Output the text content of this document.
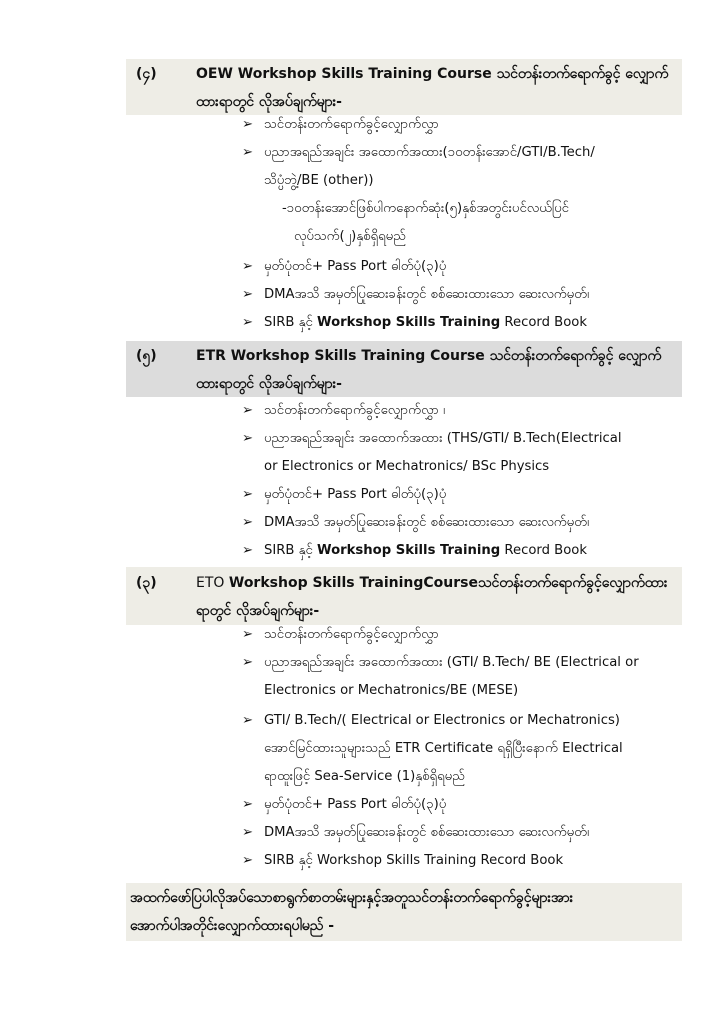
(၄)	OEW Workshop Skills Training Course သင်တန်းတက်ရောက်ခွင့် လျှောက်
ထားရာတွင် လိုအပ်ချက်များ-
➢ သင်တန်းတက်ရောက်ခွင့်လျှောက်လွှာ
➢ ပညာအရည်အချင်း အထောက်အထား(၁၀တန်းအောင်/GTI/B.Tech/
သိပ္ပံဘွဲ့/BE (other))
-၁၀တန်းအောင်ဖြစ်ပါကနောက်ဆုံး(၅)နှစ်အတွင်းပင်လယ်ပြင်
လုပ်သက်(၂)နှစ်ရှိရမည်
➢ မှတ်ပုံတင်+ Pass Port ဓါတ်ပုံ(၃)ပုံ
➢ DMAအသိ အမှတ်ပြုဆေးခန်းတွင် စစ်ဆေးထားသော ဆေးလက်မှတ်၊
➢ SIRB နှင့် Workshop Skills Training Record Book
(၅)	ETR Workshop Skills Training Course သင်တန်းတက်ရောက်ခွင့် လျှောက်
ထားရာတွင် လိုအပ်ချက်များ-
➢ သင်တန်းတက်ရောက်ခွင့်လျှောက်လွှာ ၊
➢ ပညာအရည်အချင်း အထောက်အထား (THS/GTI/ B.Tech(Electrical
or Electronics or Mechatronics/ BSc Physics
➢ မှတ်ပုံတင်+ Pass Port ဓါတ်ပုံ(၃)ပုံ
➢ DMAအသိ အမှတ်ပြုဆေးခန်းတွင် စစ်ဆေးထားသော ဆေးလက်မှတ်၊
➢ SIRB နှင့် Workshop Skills Training Record Book
(၃)	ETO Workshop Skills TrainingCourseသင်တန်းတက်ရောက်ခွင့်လျှောက်ထား
ရာတွင် လိုအပ်ချက်များ-
➢ သင်တန်းတက်ရောက်ခွင့်လျှောက်လွှာ
➢ ပညာအရည်အချင်း အထောက်အထား (GTI/ B.Tech/ BE (Electrical or
Electronics or Mechatronics/BE (MESE)
➢ GTI/ B.Tech/( Electrical or Electronics or Mechatronics)
အောင်မြင်ထားသူများသည် ETR Certificate ရရှိပြီးနောက် Electrical
ရာထူးဖြင့် Sea-Service (1)နှစ်ရှိရမည်
➢ မှတ်ပုံတင်+ Pass Port ဓါတ်ပုံ(၃)ပုံ
➢ DMAအသိ အမှတ်ပြုဆေးခန်းတွင် စစ်ဆေးထားသော ဆေးလက်မှတ်၊
➢ SIRB နှင့် Workshop Skills Training Record Book
အထက်ဖော်ပြပါလိုအပ်သောစာရွက်စာတမ်းများနှင့်အတူသင်တန်းတက်ရောက်ခွင့်များအား
အောက်ပါအတိုင်းလျှောက်ထားရပါမည် -
